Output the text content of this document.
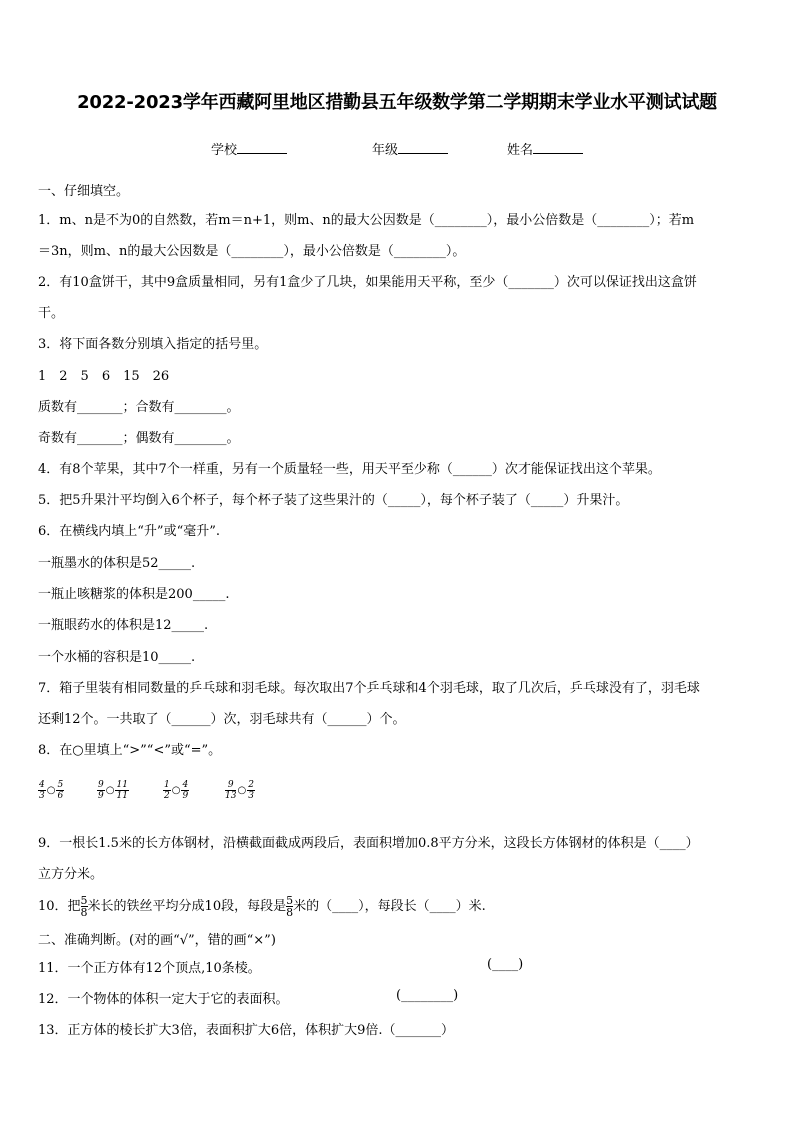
2022-2023学年西藏阿里地区措勤县五年级数学第二学期期末学业水平测试试题
学校	年级	姓名
一、仔细填空。
1．m、n是不为0的自然数，若m＝n+1，则m、n的最大公因数是（________），最小公倍数是（________）；若m
＝3n，则m、n的最大公因数是（________），最小公倍数是（________）。
2．有10盒饼干，其中9盒质量相同，另有1盒少了几块，如果能用天平称，至少（_______）次可以保证找出这盒饼
干。
3．将下面各数分别填入指定的括号里。
1　2　5　6　15　26
质数有_______；合数有________。
奇数有_______；偶数有________。
4．有8个苹果，其中7个一样重，另有一个质量轻一些，用天平至少称（______）次才能保证找出这个苹果。
5．把5升果汁平均倒入6个杯子，每个杯子装了这些果汁的（_____），每个杯子装了（_____）升果汁。
6．在横线内填上“升”或“毫升”.
一瓶墨水的体积是52_____.
一瓶止咳糖浆的体积是200_____.
一瓶眼药水的体积是12_____.
一个水桶的容积是10_____.
7．箱子里装有相同数量的乒乓球和羽毛球。每次取出7个乒乓球和4个羽毛球，取了几次后，乒乓球没有了，羽毛球
还剩12个。一共取了（______）次，羽毛球共有（______）个。
8．在○里填上“>”“<”或“=”。
$\frac{4}{3}$ ○ $\frac{5}{6}$	$\frac{9}{9}$ ○ $\frac{11}{11}$	$\frac{1}{2}$ ○ $\frac{4}{9}$	$\frac{9}{13}$ ○ $\frac{2}{3}$
9．一根长1.5米的长方体钢材，沿横截面截成两段后，表面积增加0.8平方分米，这段长方体钢材的体积是（____）
立方分米。
10．把 $\frac{5}{8}$ 米长的铁丝平均分成10段，每段是 $\frac{5}{8}$ 米的（____），每段长（____）米.
二、准确判断。(对的画“√”，错的画“×”)
11．一个正方体有12个顶点,10条棱。	(____)
12．一个物体的体积一定大于它的表面积。	(________)
13．正方体的棱长扩大3倍，表面积扩大6倍，体积扩大9倍.（_______）
